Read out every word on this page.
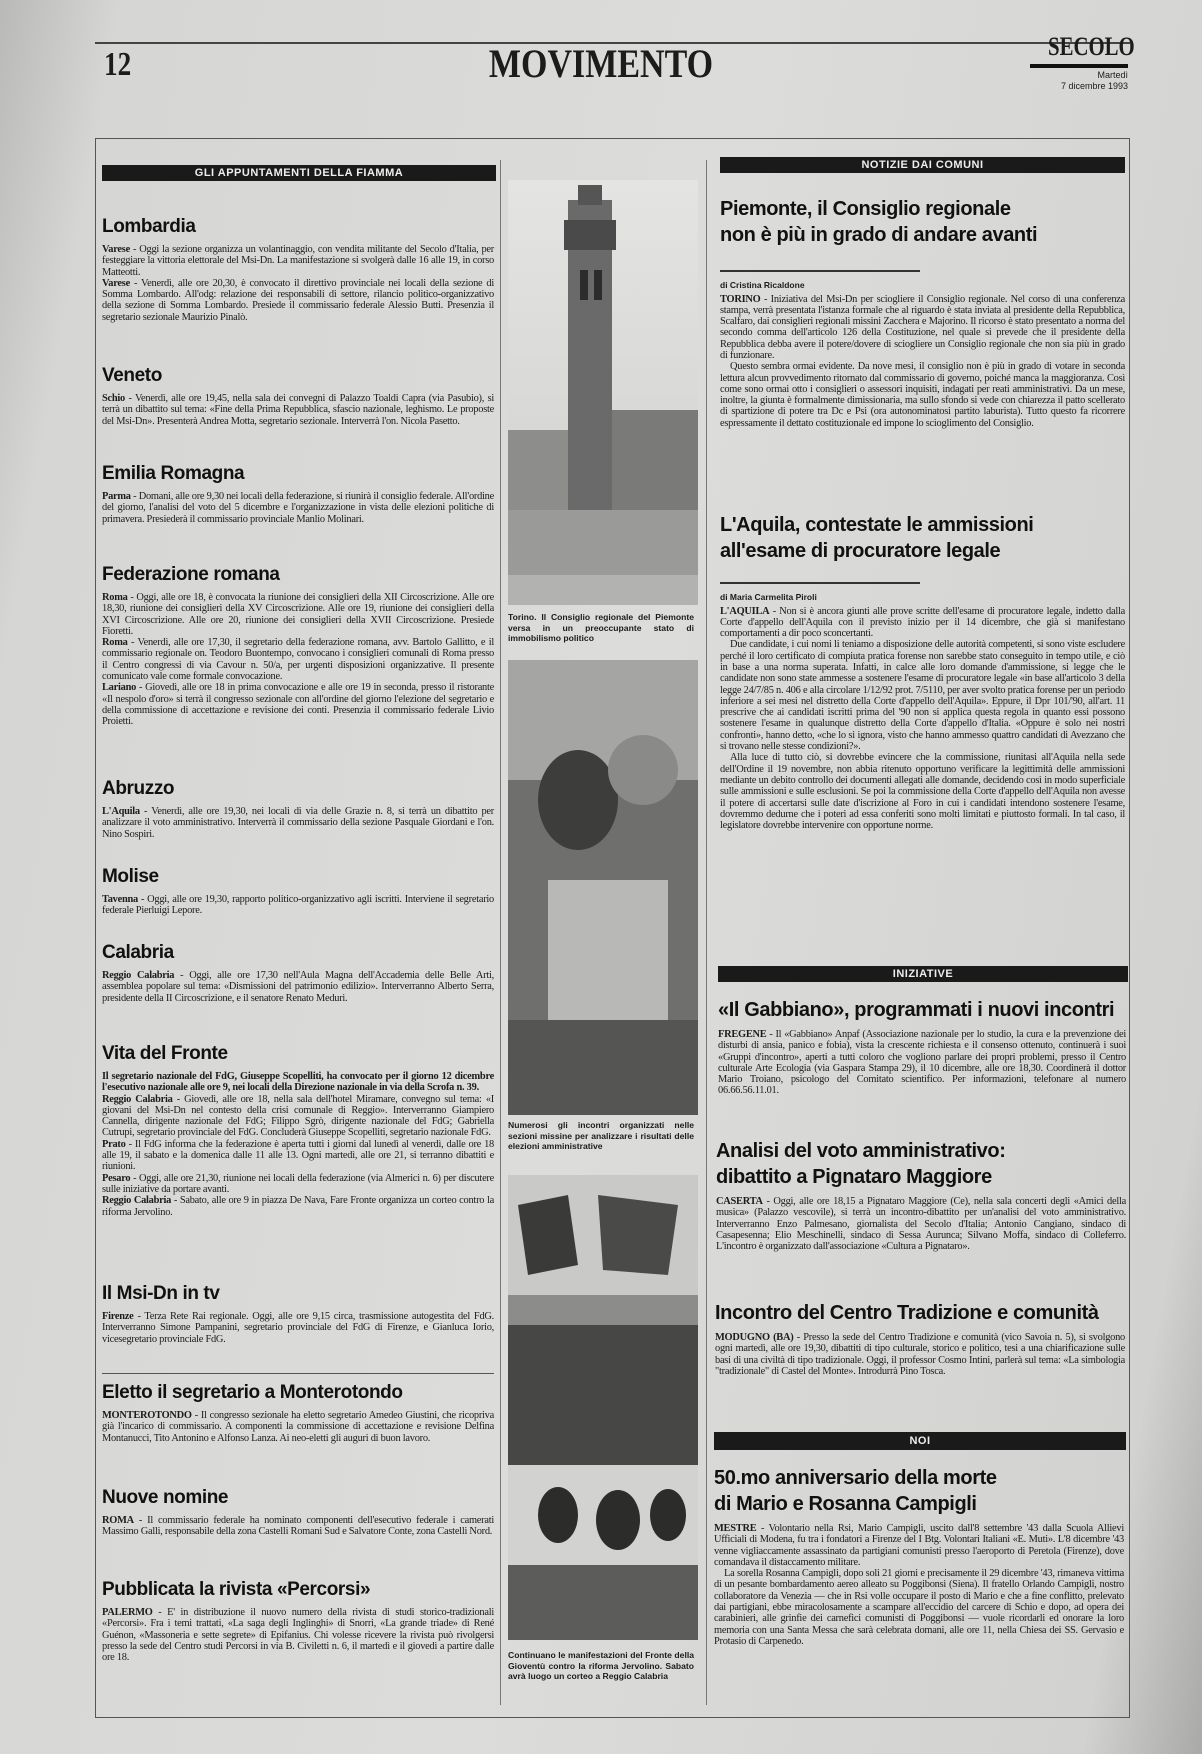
12	MOVIMENTO	SECOLO
Martedì
7 dicembre 1993
GLI APPUNTAMENTI DELLA FIAMMA
Lombardia

Varese - Oggi la sezione organizza un volantinaggio, con vendita militante del Secolo d'Italia, per festeggiare la vittoria elettorale del Msi-Dn. La manifestazione si svolgerà dalle 16 alle 19, in corso Matteotti.

Varese - Venerdì, alle ore 20,30, è convocato il direttivo provinciale nei locali della sezione di Somma Lombardo. All'odg: relazione dei responsabili di settore, rilancio politico-organizzativo della sezione di Somma Lombardo. Presiede il commissario federale Alessio Butti. Presenzia il segretario sezionale Maurizio Pinalò.

Veneto

Schio - Venerdì, alle ore 19,45, nella sala dei convegni di Palazzo Toaldi Capra (via Pasubio), si terrà un dibattito sul tema: «Fine della Prima Repubblica, sfascio nazionale, leghismo. Le proposte del Msi-Dn». Presenterà Andrea Motta, segretario sezionale. Interverrà l'on. Nicola Pasetto.

Emilia Romagna

Parma - Domani, alle ore 9,30 nei locali della federazione, si riunirà il consiglio federale. All'ordine del giorno, l'analisi del voto del 5 dicembre e l'organizzazione in vista delle elezioni politiche di primavera. Presiederà il commissario provinciale Manlio Molinari.

Federazione romana

Roma - Oggi, alle ore 18, è convocata la riunione dei consiglieri della XII Circoscrizione. Alle ore 18,30, riunione dei consiglieri della XV Circoscrizione. Alle ore 19, riunione dei consiglieri della XVI Circoscrizione. Alle ore 20, riunione dei consiglieri della XVII Circoscrizione. Presiede Fioretti.

Roma - Venerdì, alle ore 17,30, il segretario della federazione romana, avv. Bartolo Gallitto, e il commissario regionale on. Teodoro Buontempo, convocano i consiglieri comunali di Roma presso il Centro congressi di via Cavour n. 50/a, per urgenti disposizioni organizzative. Il presente comunicato vale come formale convocazione.

Lariano - Giovedì, alle ore 18 in prima convocazione e alle ore 19 in seconda, presso il ristorante «Il nespolo d'oro» si terrà il congresso sezionale con all'ordine del giorno l'elezione del segretario e della commissione di accettazione e revisione dei conti. Presenzia il commissario federale Livio Proietti.

Abruzzo

L'Aquila - Venerdì, alle ore 19,30, nei locali di via delle Grazie n. 8, si terrà un dibattito per analizzare il voto amministrativo. Interverrà il commissario della sezione Pasquale Giordani e l'on. Nino Sospiri.

Molise

Tavenna - Oggi, alle ore 19,30, rapporto politico-organizzativo agli iscritti. Interviene il segretario federale Pierluigi Lepore.

Calabria

Reggio Calabria - Oggi, alle ore 17,30 nell'Aula Magna dell'Accademia delle Belle Arti, assemblea popolare sul tema: «Dismissioni del patrimonio edilizio». Interverranno Alberto Serra, presidente della II Circoscrizione, e il senatore Renato Meduri.

Vita del Fronte

Il segretario nazionale del FdG, Giuseppe Scopelliti, ha convocato per il giorno 12 dicembre l'esecutivo nazionale alle ore 9, nei locali della Direzione nazionale in via della Scrofa n. 39.

Reggio Calabria - Giovedì, alle ore 18, nella sala dell'hotel Miramare, convegno sul tema: «I giovani del Msi-Dn nel contesto della crisi comunale di Reggio». Interverranno Giampiero Cannella, dirigente nazionale del FdG; Filippo Sgrò, dirigente nazionale del FdG; Gabriella Cutrupi, segretario provinciale del FdG. Concluderà Giuseppe Scopelliti, segretario nazionale FdG.

Prato - Il FdG informa che la federazione è aperta tutti i giorni dal lunedì al venerdì, dalle ore 18 alle 19, il sabato e la domenica dalle 11 alle 13. Ogni martedì, alle ore 21, si terranno dibattiti e riunioni.

Pesaro - Oggi, alle ore 21,30, riunione nei locali della federazione (via Almerici n. 6) per discutere sulle iniziative da portare avanti.

Reggio Calabria - Sabato, alle ore 9 in piazza De Nava, Fare Fronte organizza un corteo contro la riforma Jervolino.

Il Msi-Dn in tv

Firenze - Terza Rete Rai regionale. Oggi, alle ore 9,15 circa, trasmissione autogestita del FdG. Interverranno Simone Pampanini, segretario provinciale del FdG di Firenze, e Gianluca Iorio, vicesegretario provinciale FdG.

Eletto il segretario a Monterotondo

MONTEROTONDO - Il congresso sezionale ha eletto segretario Amedeo Giustini, che ricopriva già l'incarico di commissario. A componenti la commissione di accettazione e revisione Delfina Montanucci, Tito Antonino e Alfonso Lanza. Ai neo-eletti gli auguri di buon lavoro.

Nuove nomine

ROMA - Il commissario federale ha nominato componenti dell'esecutivo federale i camerati Massimo Galli, responsabile della zona Castelli Romani Sud e Salvatore Conte, zona Castelli Nord.

Pubblicata la rivista «Percorsi»

PALERMO - E' in distribuzione il nuovo numero della rivista di studi storico-tradizionali «Percorsi». Fra i temi trattati, «La saga degli Inglinghi» di Snorri, «La grande triade» di René Guénon, «Massoneria e sette segrete» di Epifanius. Chi volesse ricevere la rivista può rivolgersi presso la sede del Centro studi Percorsi in via B. Civiletti n. 6, il martedì e il giovedì a partire dalle ore 18.

Torino. Il Consiglio regionale del Piemonte versa in un preoccupante stato di immobilismo politico
Numerosi gli incontri organizzati nelle sezioni missine per analizzare i risultati delle elezioni amministrative
Continuano le manifestazioni del Fronte della Gioventù contro la riforma Jervolino. Sabato avrà luogo un corteo a Reggio Calabria
NOTIZIE DAI COMUNI
Piemonte, il Consiglio regionale non è più in grado di andare avanti
di Cristina Ricaldone

TORINO - Iniziativa del Msi-Dn per sciogliere il Consiglio regionale. Nel corso di una conferenza stampa, verrà presentata l'istanza formale che al riguardo è stata inviata al presidente della Repubblica, Scalfaro, dai consiglieri regionali missini Zacchera e Majorino. Il ricorso è stato presentato a norma del secondo comma dell'articolo 126 della Costituzione, nel quale si prevede che il presidente della Repubblica debba avere il potere/dovere di sciogliere un Consiglio regionale che non sia più in grado di funzionare.

Questo sembra ormai evidente. Da nove mesi, il consiglio non è più in grado di votare in seconda lettura alcun provvedimento ritornato dal commissario di governo, poiché manca la maggioranza. Così come sono ormai otto i consiglieri o assessori inquisiti, indagati per reati amministrativi. Da un mese, inoltre, la giunta è formalmente dimissionaria, ma sullo sfondo si vede con chiarezza il patto scellerato di spartizione di potere tra Dc e Psi (ora autonominatosi partito laburista). Tutto questo fa ricorrere espressamente il dettato costituzionale ed impone lo scioglimento del Consiglio.

L'Aquila, contestate le ammissioni all'esame di procuratore legale
di Maria Carmelita Piroli

L'AQUILA - Non si è ancora giunti alle prove scritte dell'esame di procuratore legale, indetto dalla Corte d'appello dell'Aquila con il previsto inizio per il 14 dicembre, che già si manifestano comportamenti a dir poco sconcertanti.

Due candidate, i cui nomi li teniamo a disposizione delle autorità competenti, si sono viste escludere perché il loro certificato di compiuta pratica forense non sarebbe stato conseguito in tempo utile, e ciò in base a una norma superata. Infatti, in calce alle loro domande d'ammissione, si legge che le candidate non sono state ammesse a sostenere l'esame di procuratore legale «in base all'articolo 3 della legge 24/7/85 n. 406 e alla circolare 1/12/92 prot. 7/5110, per aver svolto pratica forense per un periodo inferiore a sei mesi nel distretto della Corte d'appello dell'Aquila». Eppure, il Dpr 101/'90, all'art. 11 prescrive che ai candidati iscritti prima del '90 non si applica questa regola in quanto essi possono sostenere l'esame in qualunque distretto della Corte d'appello d'Italia. «Oppure è solo nei nostri confronti», hanno detto, «che lo si ignora, visto che hanno ammesso quattro candidati di Avezzano che si trovano nelle stesse condizioni?».

Alla luce di tutto ciò, si dovrebbe evincere che la commissione, riunitasi all'Aquila nella sede dell'Ordine il 19 novembre, non abbia ritenuto opportuno verificare la legittimità delle ammissioni mediante un debito controllo dei documenti allegati alle domande, decidendo così in modo superficiale sulle ammissioni e sulle esclusioni. Se poi la commissione della Corte d'appello dell'Aquila non avesse il potere di accertarsi sulle date d'iscrizione al Foro in cui i candidati intendono sostenere l'esame, dovremmo dedurne che i poteri ad essa conferiti sono molti limitati e piuttosto formali. In tal caso, il legislatore dovrebbe intervenire con opportune norme.

INIZIATIVE
«Il Gabbiano», programmati i nuovi incontri

FREGENE - Il «Gabbiano» Anpaf (Associazione nazionale per lo studio, la cura e la prevenzione dei disturbi di ansia, panico e fobia), vista la crescente richiesta e il consenso ottenuto, continuerà i suoi «Gruppi d'incontro», aperti a tutti coloro che vogliono parlare dei propri problemi, presso il Centro culturale Arte Ecologia (via Gaspara Stampa 29), il 10 dicembre, alle ore 18,30. Coordinerà il dottor Mario Troiano, psicologo del Comitato scientifico. Per informazioni, telefonare al numero 06.66.56.11.01.

Analisi del voto amministrativo: dibattito a Pignataro Maggiore

CASERTA - Oggi, alle ore 18,15 a Pignataro Maggiore (Ce), nella sala concerti degli «Amici della musica» (Palazzo vescovile), si terrà un incontro-dibattito per un'analisi del voto amministrativo. Interverranno Enzo Palmesano, giornalista del Secolo d'Italia; Antonio Cangiano, sindaco di Casapesenna; Elio Meschinelli, sindaco di Sessa Aurunca; Silvano Moffa, sindaco di Colleferro. L'incontro è organizzato dall'associazione «Cultura a Pignataro».

Incontro del Centro Tradizione e comunità

MODUGNO (BA) - Presso la sede del Centro Tradizione e comunità (vico Savoia n. 5), si svolgono ogni martedì, alle ore 19,30, dibattiti di tipo culturale, storico e politico, tesi a una chiarificazione sulle basi di una civiltà di tipo tradizionale. Oggi, il professor Cosmo Intini, parlerà sul tema: «La simbologia "tradizionale" di Castel del Monte». Introdurrà Pino Tosca.

NOI
50.mo anniversario della morte di Mario e Rosanna Campigli

MESTRE - Volontario nella Rsi, Mario Campigli, uscito dall'8 settembre '43 dalla Scuola Allievi Ufficiali di Modena, fu tra i fondatori a Firenze del I Btg. Volontari Italiani «E. Muti». L'8 dicembre '43 venne vigliaccamente assassinato da partigiani comunisti presso l'aeroporto di Peretola (Firenze), dove comandava il distaccamento militare.

La sorella Rosanna Campigli, dopo soli 21 giorni e precisamente il 29 dicembre '43, rimaneva vittima di un pesante bombardamento aereo alleato su Poggibonsi (Siena). Il fratello Orlando Campigli, nostro collaboratore da Venezia — che in Rsi volle occupare il posto di Mario e che a fine conflitto, prelevato dai partigiani, ebbe miracolosamente a scampare all'eccidio del carcere di Schio e dopo, ad opera dei carabinieri, alle grinfie dei carnefici comunisti di Poggibonsi — vuole ricordarli ed onorare la loro memoria con una Santa Messa che sarà celebrata domani, alle ore 11, nella Chiesa dei SS. Gervasio e Protasio di Carpenedo.
